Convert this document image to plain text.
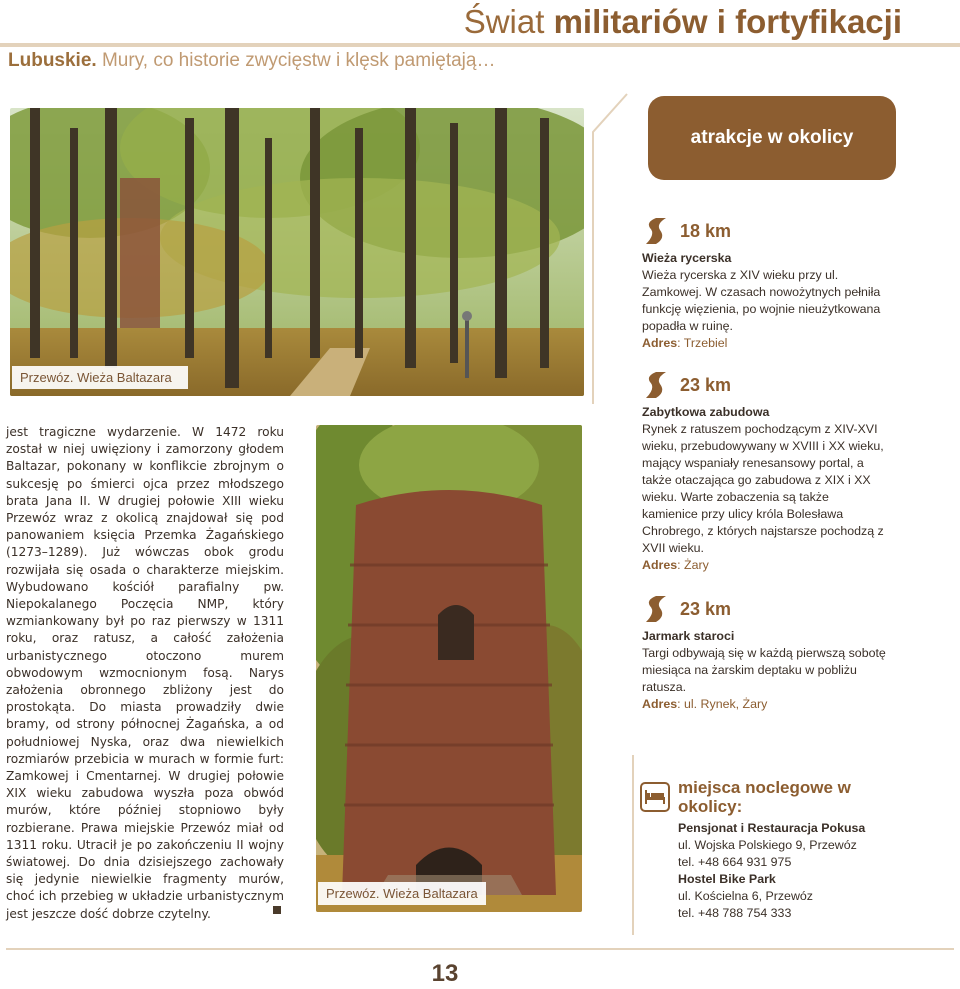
Świat militariów i fortyfikacji
Lubuskie. Mury, co historie zwycięstw i klęsk pamiętają…
Przewóz. Wieża Baltazara
Przewóz. Wieża Baltazara
jest tragiczne wydarzenie. W 1472 roku został w niej uwięziony i zamorzony głodem Baltazar, pokonany w konflikcie zbrojnym o sukcesję po śmierci ojca przez młodszego brata Jana II. W drugiej połowie XIII wieku Przewóz wraz z okolicą znajdował się pod panowaniem księcia Przemka Żagańskiego (1273–1289). Już wówczas obok grodu rozwijała się osada o charakterze miejskim. Wybudowano kościół parafialny pw. Niepokalanego Poczęcia NMP, który wzmiankowany był po raz pierwszy w 1311 roku, oraz ratusz, a całość założenia urbanistycznego otoczono murem obwodowym wzmocnionym fosą. Narys założenia obronnego zbliżony jest do prostokąta. Do miasta prowadziły dwie bramy, od strony północnej Żagańska, a od południowej Nyska, oraz dwa niewielkich rozmiarów przebicia w murach w formie furt: Zamkowej i Cmentarnej. W drugiej połowie XIX wieku zabudowa wyszła poza obwód murów, które później stopniowo były rozbierane. Prawa miejskie Przewóz miał od 1311 roku. Utracił je po zakończeniu II wojny światowej. Do dnia dzisiejszego zachowały się jedynie niewielkie fragmenty murów, choć ich przebieg w układzie urbanistycznym jest jeszcze dość dobrze czytelny.
atrakcje w okolicy
18 km
Wieża rycerska
Wieża rycerska z XIV wieku przy ul. Zamkowej. W czasach nowożytnych pełniła funkcję więzienia, po wojnie nieużytkowana popadła w ruinę.
Adres: Trzebiel
23 km
Zabytkowa zabudowa
Rynek z ratuszem pochodzącym z XIV-XVI wieku, przebudowywany w XVIII i XX wieku, mający wspaniały renesansowy portal, a także otaczająca go zabudowa z XIX i XX wieku. Warte zobaczenia są także kamienice przy ulicy króla Bolesława Chrobrego, z których najstarsze pochodzą z XVII wieku.
Adres: Żary
23 km
Jarmark staroci
Targi odbywają się w każdą pierwszą sobotę miesiąca na żarskim deptaku w pobliżu ratusza.
Adres: ul. Rynek, Żary
miejsca noclegowe w okolicy:
Pensjonat i Restauracja Pokusa
ul. Wojska Polskiego 9, Przewóz
tel. +48 664 931 975
Hostel Bike Park
ul. Kościelna 6, Przewóz
tel. +48 788 754 333
13
